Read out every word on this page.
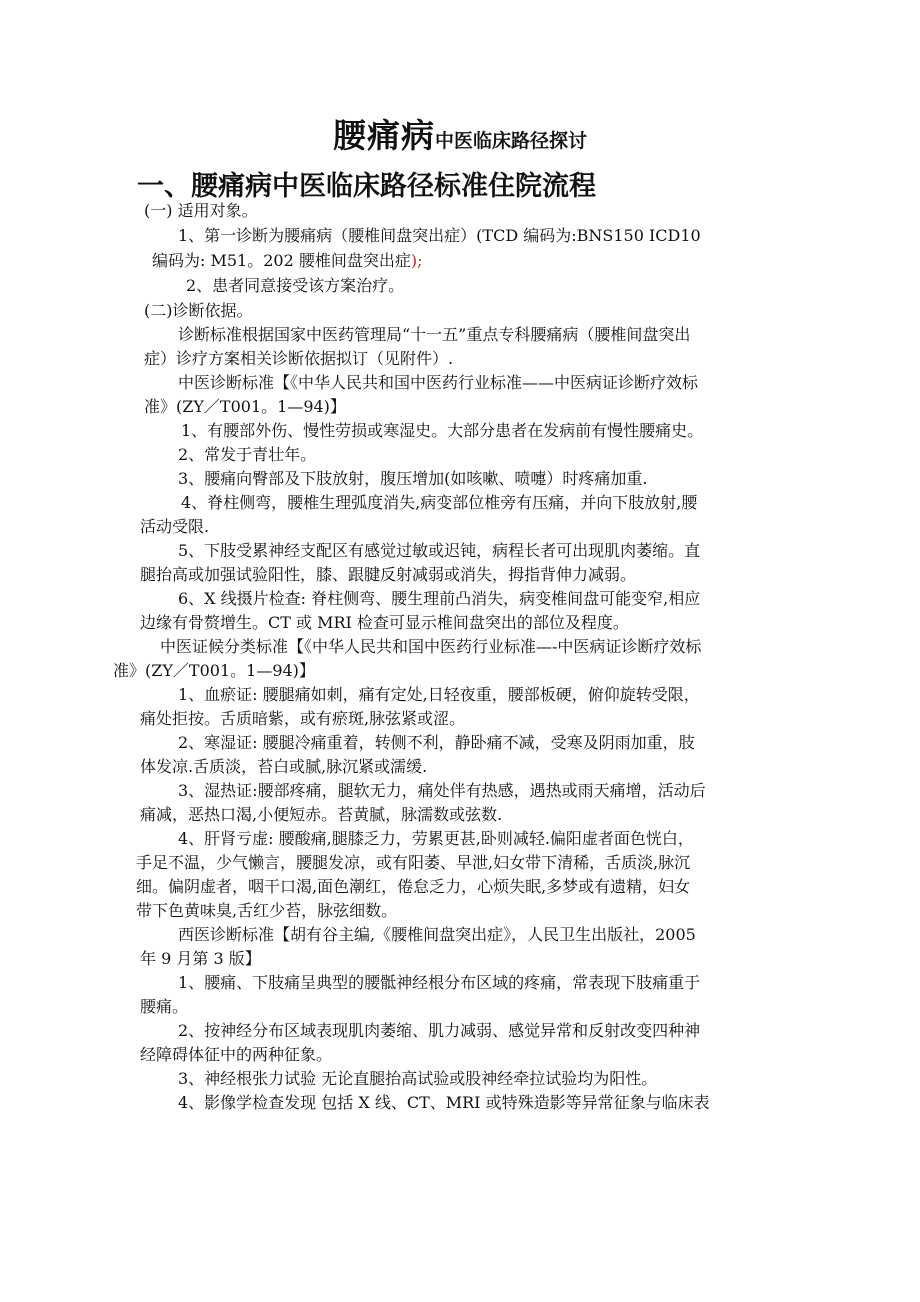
腰痛病中医临床路径探讨
一、腰痛病中医临床路径标准住院流程
(一) 适用对象。
1、第一诊断为腰痛病（腰椎间盘突出症）(TCD 编码为:BNS150 ICD10
编码为: M51。202 腰椎间盘突出症);
2、患者同意接受该方案治疗。
(二)诊断依据。
诊断标准根据国家中医药管理局“十一五”重点专科腰痛病（腰椎间盘突出
症）诊疗方案相关诊断依据拟订（见附件）.
中医诊断标准【《中华人民共和国中医药行业标准——中医病证诊断疗效标
准》(ZY／T001。1—94)】
1、有腰部外伤、慢性劳损或寒湿史。大部分患者在发病前有慢性腰痛史。
2、常发于青壮年。
3、腰痛向臀部及下肢放射，腹压增加(如咳嗽、喷嚏）时疼痛加重.
4、脊柱侧弯，腰椎生理弧度消失,病变部位椎旁有压痛，并向下肢放射,腰
活动受限.
5、下肢受累神经支配区有感觉过敏或迟钝，病程长者可出现肌肉萎缩。直
腿抬高或加强试验阳性，膝、跟腱反射减弱或消失，拇指背伸力减弱。
6、X 线摄片检查: 脊柱侧弯、腰生理前凸消失，病变椎间盘可能变窄,相应
边缘有骨赘增生。CT 或 MRI 检查可显示椎间盘突出的部位及程度。
中医证候分类标准【《中华人民共和国中医药行业标准—-中医病证诊断疗效标
准》(ZY／T001。1—94)】
1、血瘀证: 腰腿痛如刺，痛有定处,日轻夜重，腰部板硬，俯仰旋转受限，
痛处拒按。舌质暗紫，或有瘀斑,脉弦紧或涩。
2、寒湿证: 腰腿冷痛重着，转侧不利，静卧痛不减，受寒及阴雨加重，肢
体发凉.舌质淡，苔白或腻,脉沉紧或濡缓.
3、湿热证:腰部疼痛，腿软无力，痛处伴有热感，遇热或雨天痛增，活动后
痛减，恶热口渴,小便短赤。苔黄腻，脉濡数或弦数.
4、肝肾亏虚: 腰酸痛,腿膝乏力，劳累更甚,卧则减轻.偏阳虚者面色恍白，
手足不温，少气懒言，腰腿发凉，或有阳萎、早泄,妇女带下清稀，舌质淡,脉沉
细。偏阴虚者，咽干口渴,面色潮红，倦怠乏力，心烦失眠,多梦或有遗精，妇女
带下色黄味臭,舌红少苔，脉弦细数。
西医诊断标准【胡有谷主编,《腰椎间盘突出症》，人民卫生出版社，2005
年 9 月第 3 版】
1、腰痛、下肢痛呈典型的腰骶神经根分布区域的疼痛，常表现下肢痛重于
腰痛。
2、按神经分布区域表现肌肉萎缩、肌力减弱、感觉异常和反射改变四种神
经障碍体征中的两种征象。
3、神经根张力试验 无论直腿抬高试验或股神经牵拉试验均为阳性。
4、影像学检查发现 包括 X 线、CT、MRI 或特殊造影等异常征象与临床表
